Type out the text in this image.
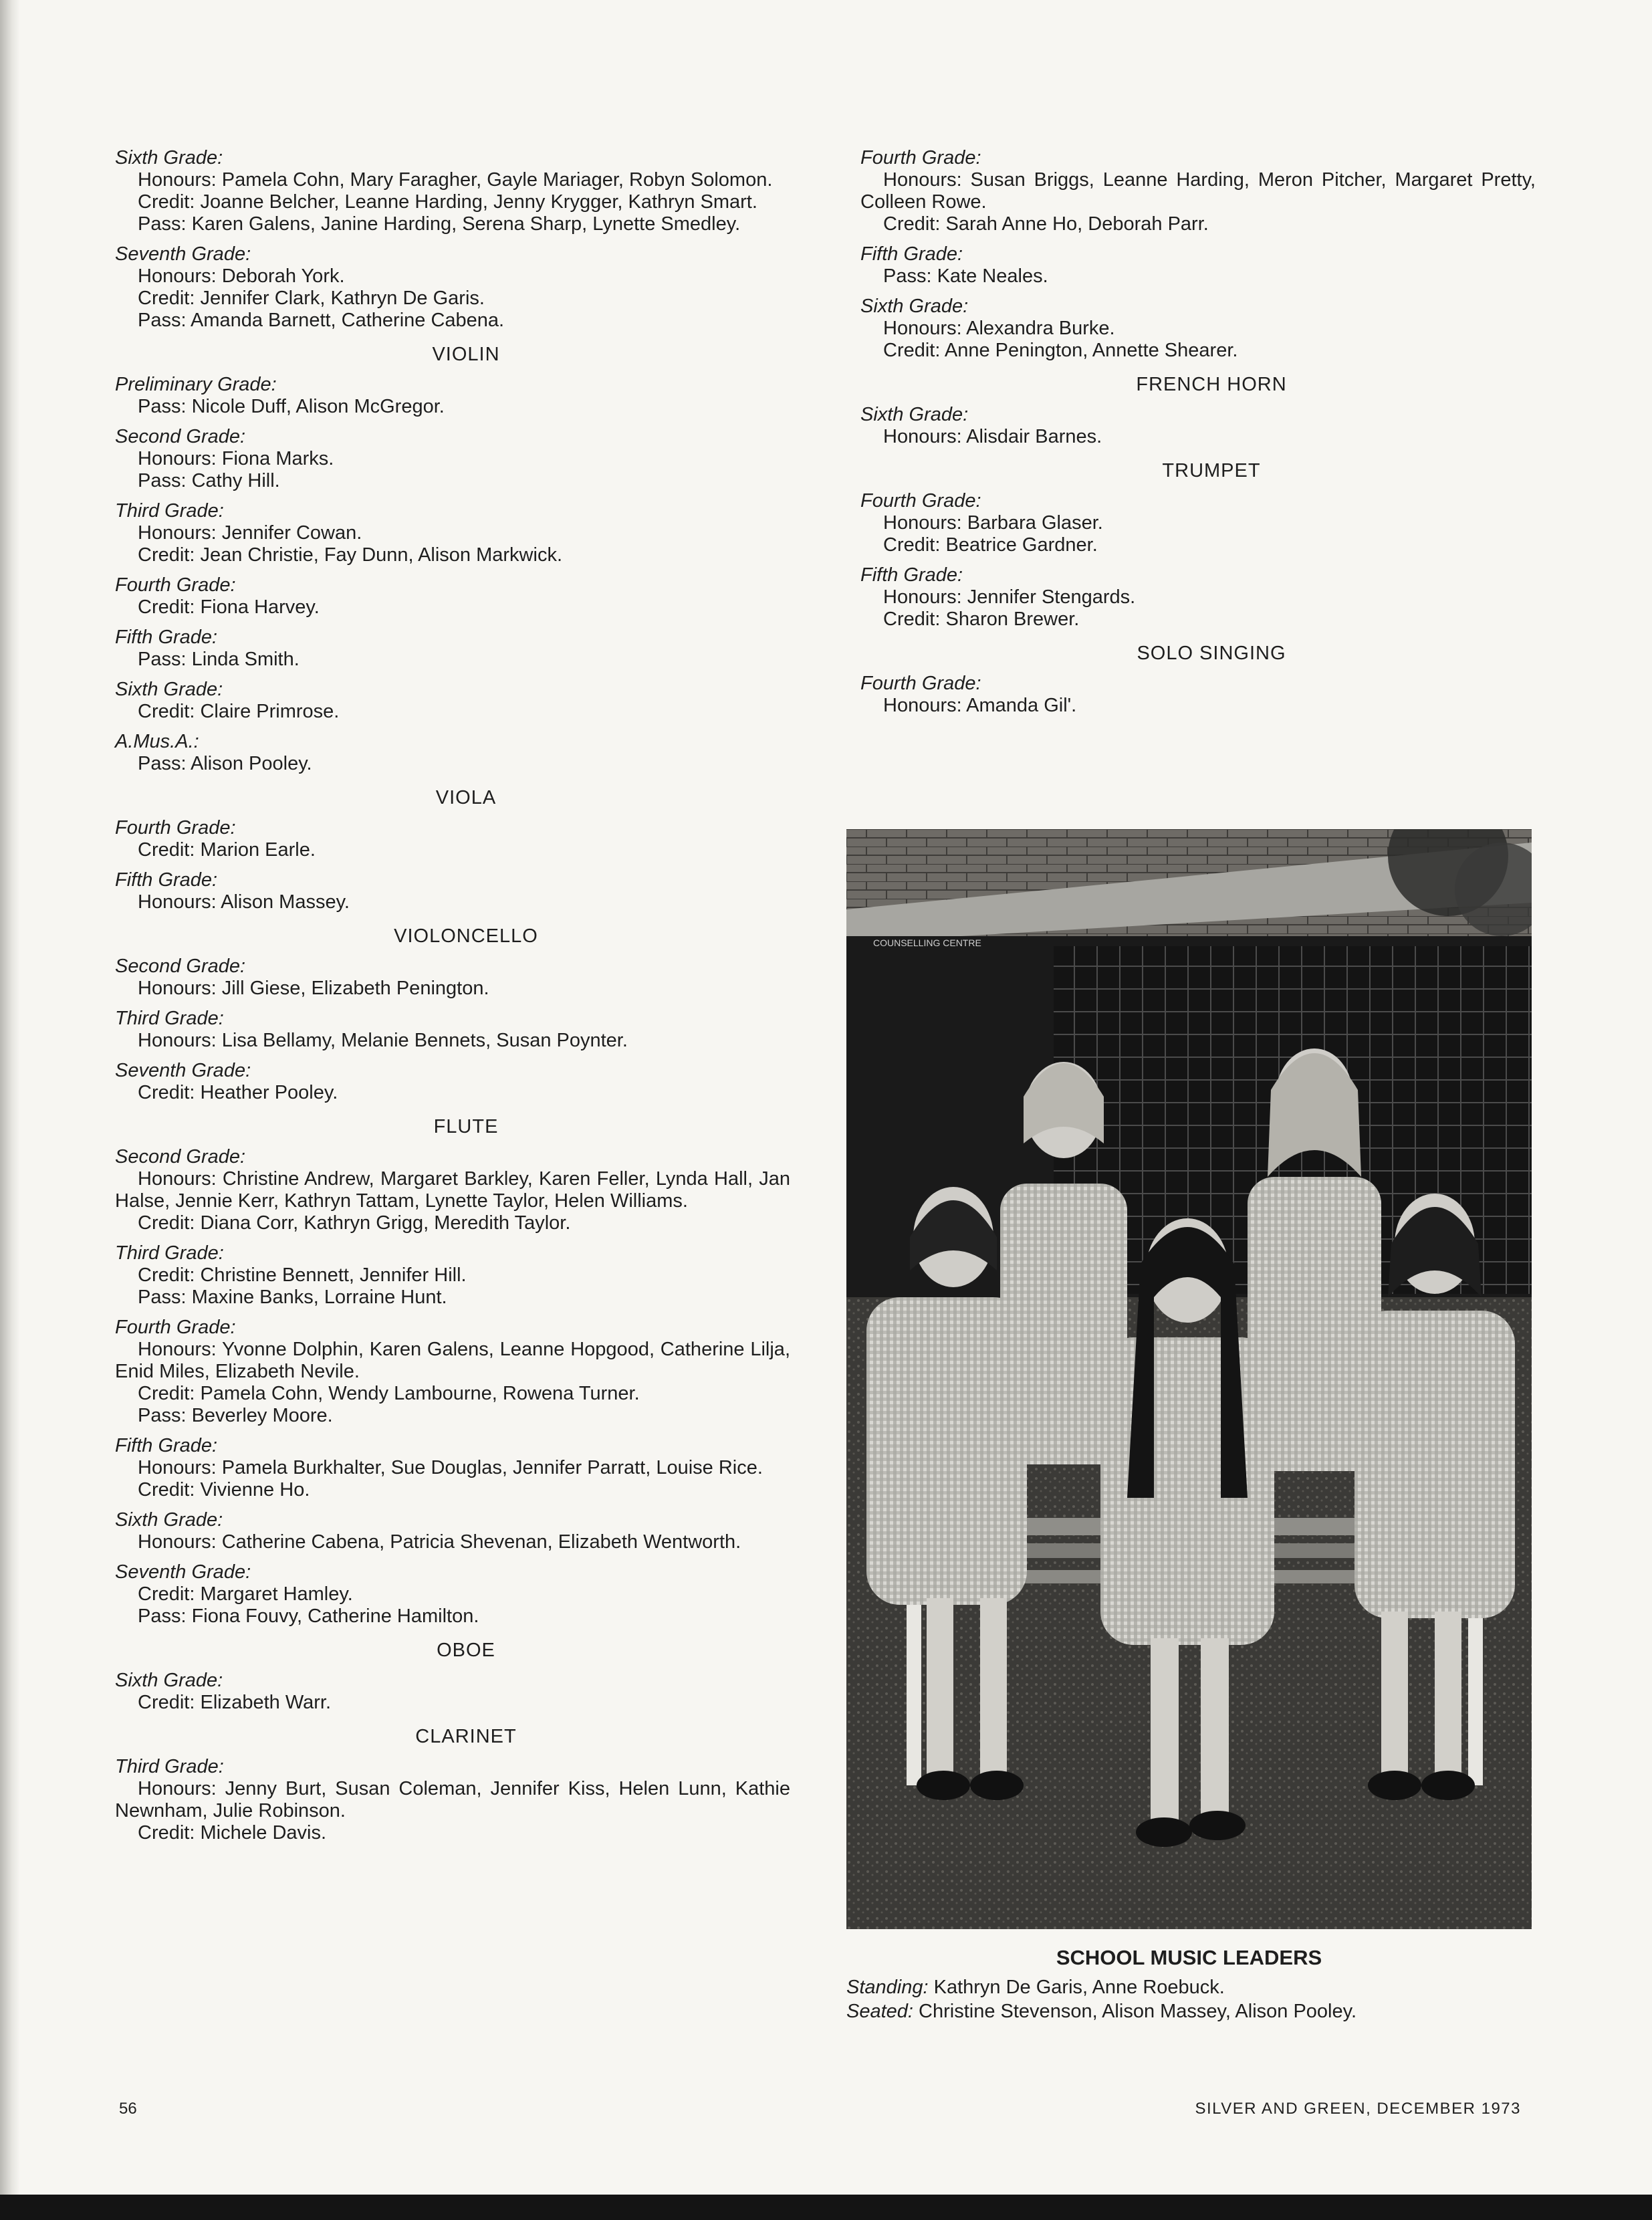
Sixth Grade:
Honours: Pamela Cohn, Mary Faragher, Gayle Mariager, Robyn Solomon.
Credit: Joanne Belcher, Leanne Harding, Jenny Krygger, Kathryn Smart.
Pass: Karen Galens, Janine Harding, Serena Sharp, Lynette Smedley.
Seventh Grade:
Honours: Deborah York.
Credit: Jennifer Clark, Kathryn De Garis.
Pass: Amanda Barnett, Catherine Cabena.
VIOLIN
Preliminary Grade:
Pass: Nicole Duff, Alison McGregor.
Second Grade:
Honours: Fiona Marks.
Pass: Cathy Hill.
Third Grade:
Honours: Jennifer Cowan.
Credit: Jean Christie, Fay Dunn, Alison Markwick.
Fourth Grade:
Credit: Fiona Harvey.
Fifth Grade:
Pass: Linda Smith.
Sixth Grade:
Credit: Claire Primrose.
A.Mus.A.:
Pass: Alison Pooley.
VIOLA
Fourth Grade:
Credit: Marion Earle.
Fifth Grade:
Honours: Alison Massey.
VIOLONCELLO
Second Grade:
Honours: Jill Giese, Elizabeth Penington.
Third Grade:
Honours: Lisa Bellamy, Melanie Bennets, Susan Poynter.
Seventh Grade:
Credit: Heather Pooley.
FLUTE
Second Grade:
Honours: Christine Andrew, Margaret Barkley, Karen Feller, Lynda Hall, Jan Halse, Jennie Kerr, Kathryn Tattam, Lynette Taylor, Helen Williams.
Credit: Diana Corr, Kathryn Grigg, Meredith Taylor.
Third Grade:
Credit: Christine Bennett, Jennifer Hill.
Pass: Maxine Banks, Lorraine Hunt.
Fourth Grade:
Honours: Yvonne Dolphin, Karen Galens, Leanne Hopgood, Catherine Lilja, Enid Miles, Elizabeth Nevile.
Credit: Pamela Cohn, Wendy Lambourne, Rowena Turner.
Pass: Beverley Moore.
Fifth Grade:
Honours: Pamela Burkhalter, Sue Douglas, Jennifer Parratt, Louise Rice.
Credit: Vivienne Ho.
Sixth Grade:
Honours: Catherine Cabena, Patricia Shevenan, Elizabeth Wentworth.
Seventh Grade:
Credit: Margaret Hamley.
Pass: Fiona Fouvy, Catherine Hamilton.
OBOE
Sixth Grade:
Credit: Elizabeth Warr.
CLARINET
Third Grade:
Honours: Jenny Burt, Susan Coleman, Jennifer Kiss, Helen Lunn, Kathie Newnham, Julie Robinson.
Credit: Michele Davis.
Fourth Grade:
Honours: Susan Briggs, Leanne Harding, Meron Pitcher, Margaret Pretty, Colleen Rowe.
Credit: Sarah Anne Ho, Deborah Parr.
Fifth Grade:
Pass: Kate Neales.
Sixth Grade:
Honours: Alexandra Burke.
Credit: Anne Penington, Annette Shearer.
FRENCH HORN
Sixth Grade:
Honours: Alisdair Barnes.
TRUMPET
Fourth Grade:
Honours: Barbara Glaser.
Credit: Beatrice Gardner.
Fifth Grade:
Honours: Jennifer Stengards.
Credit: Sharon Brewer.
SOLO SINGING
Fourth Grade:
Honours: Amanda Gil'.
COUNSELLING CENTRE
SCHOOL MUSIC LEADERS
Standing: Kathryn De Garis, Anne Roebuck.
Seated: Christine Stevenson, Alison Massey, Alison Pooley.
56	SILVER AND GREEN, DECEMBER 1973
